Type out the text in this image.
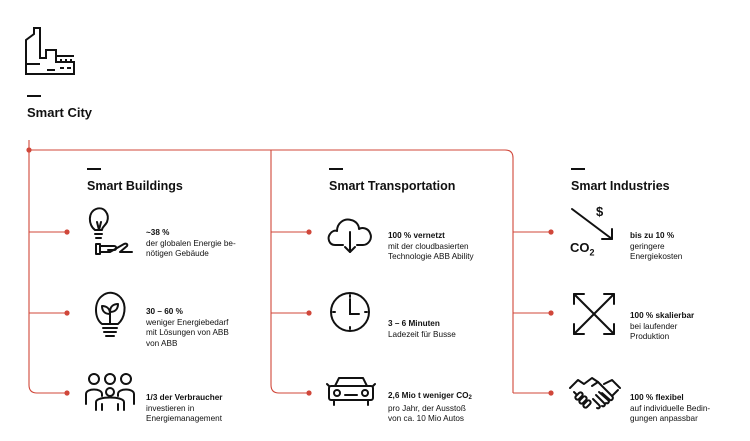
Smart City
Smart Buildings	Smart Transportation	Smart Industries

~38 %
der globalen Energie be-
nötigen Gebäude

30 – 60 %
weniger Energiebedarf
mit Lösungen von ABB
von ABB

1/3 der Verbraucher
investieren in
Energiemanagement

100 % vernetzt
mit der cloudbasierten
Technologie ABB Ability

3 – 6 Minuten
Ladezeit für Busse

2,6 Mio t weniger $CO_2$
pro Jahr, der Ausstoß
von ca. 10 Mio Autos

$
$CO_2$

bis zu 10 %
geringere
Energiekosten

100 % skalierbar
bei laufender
Produktion

100 % flexibel
auf individuelle Bedin-
gungen anpassbar
